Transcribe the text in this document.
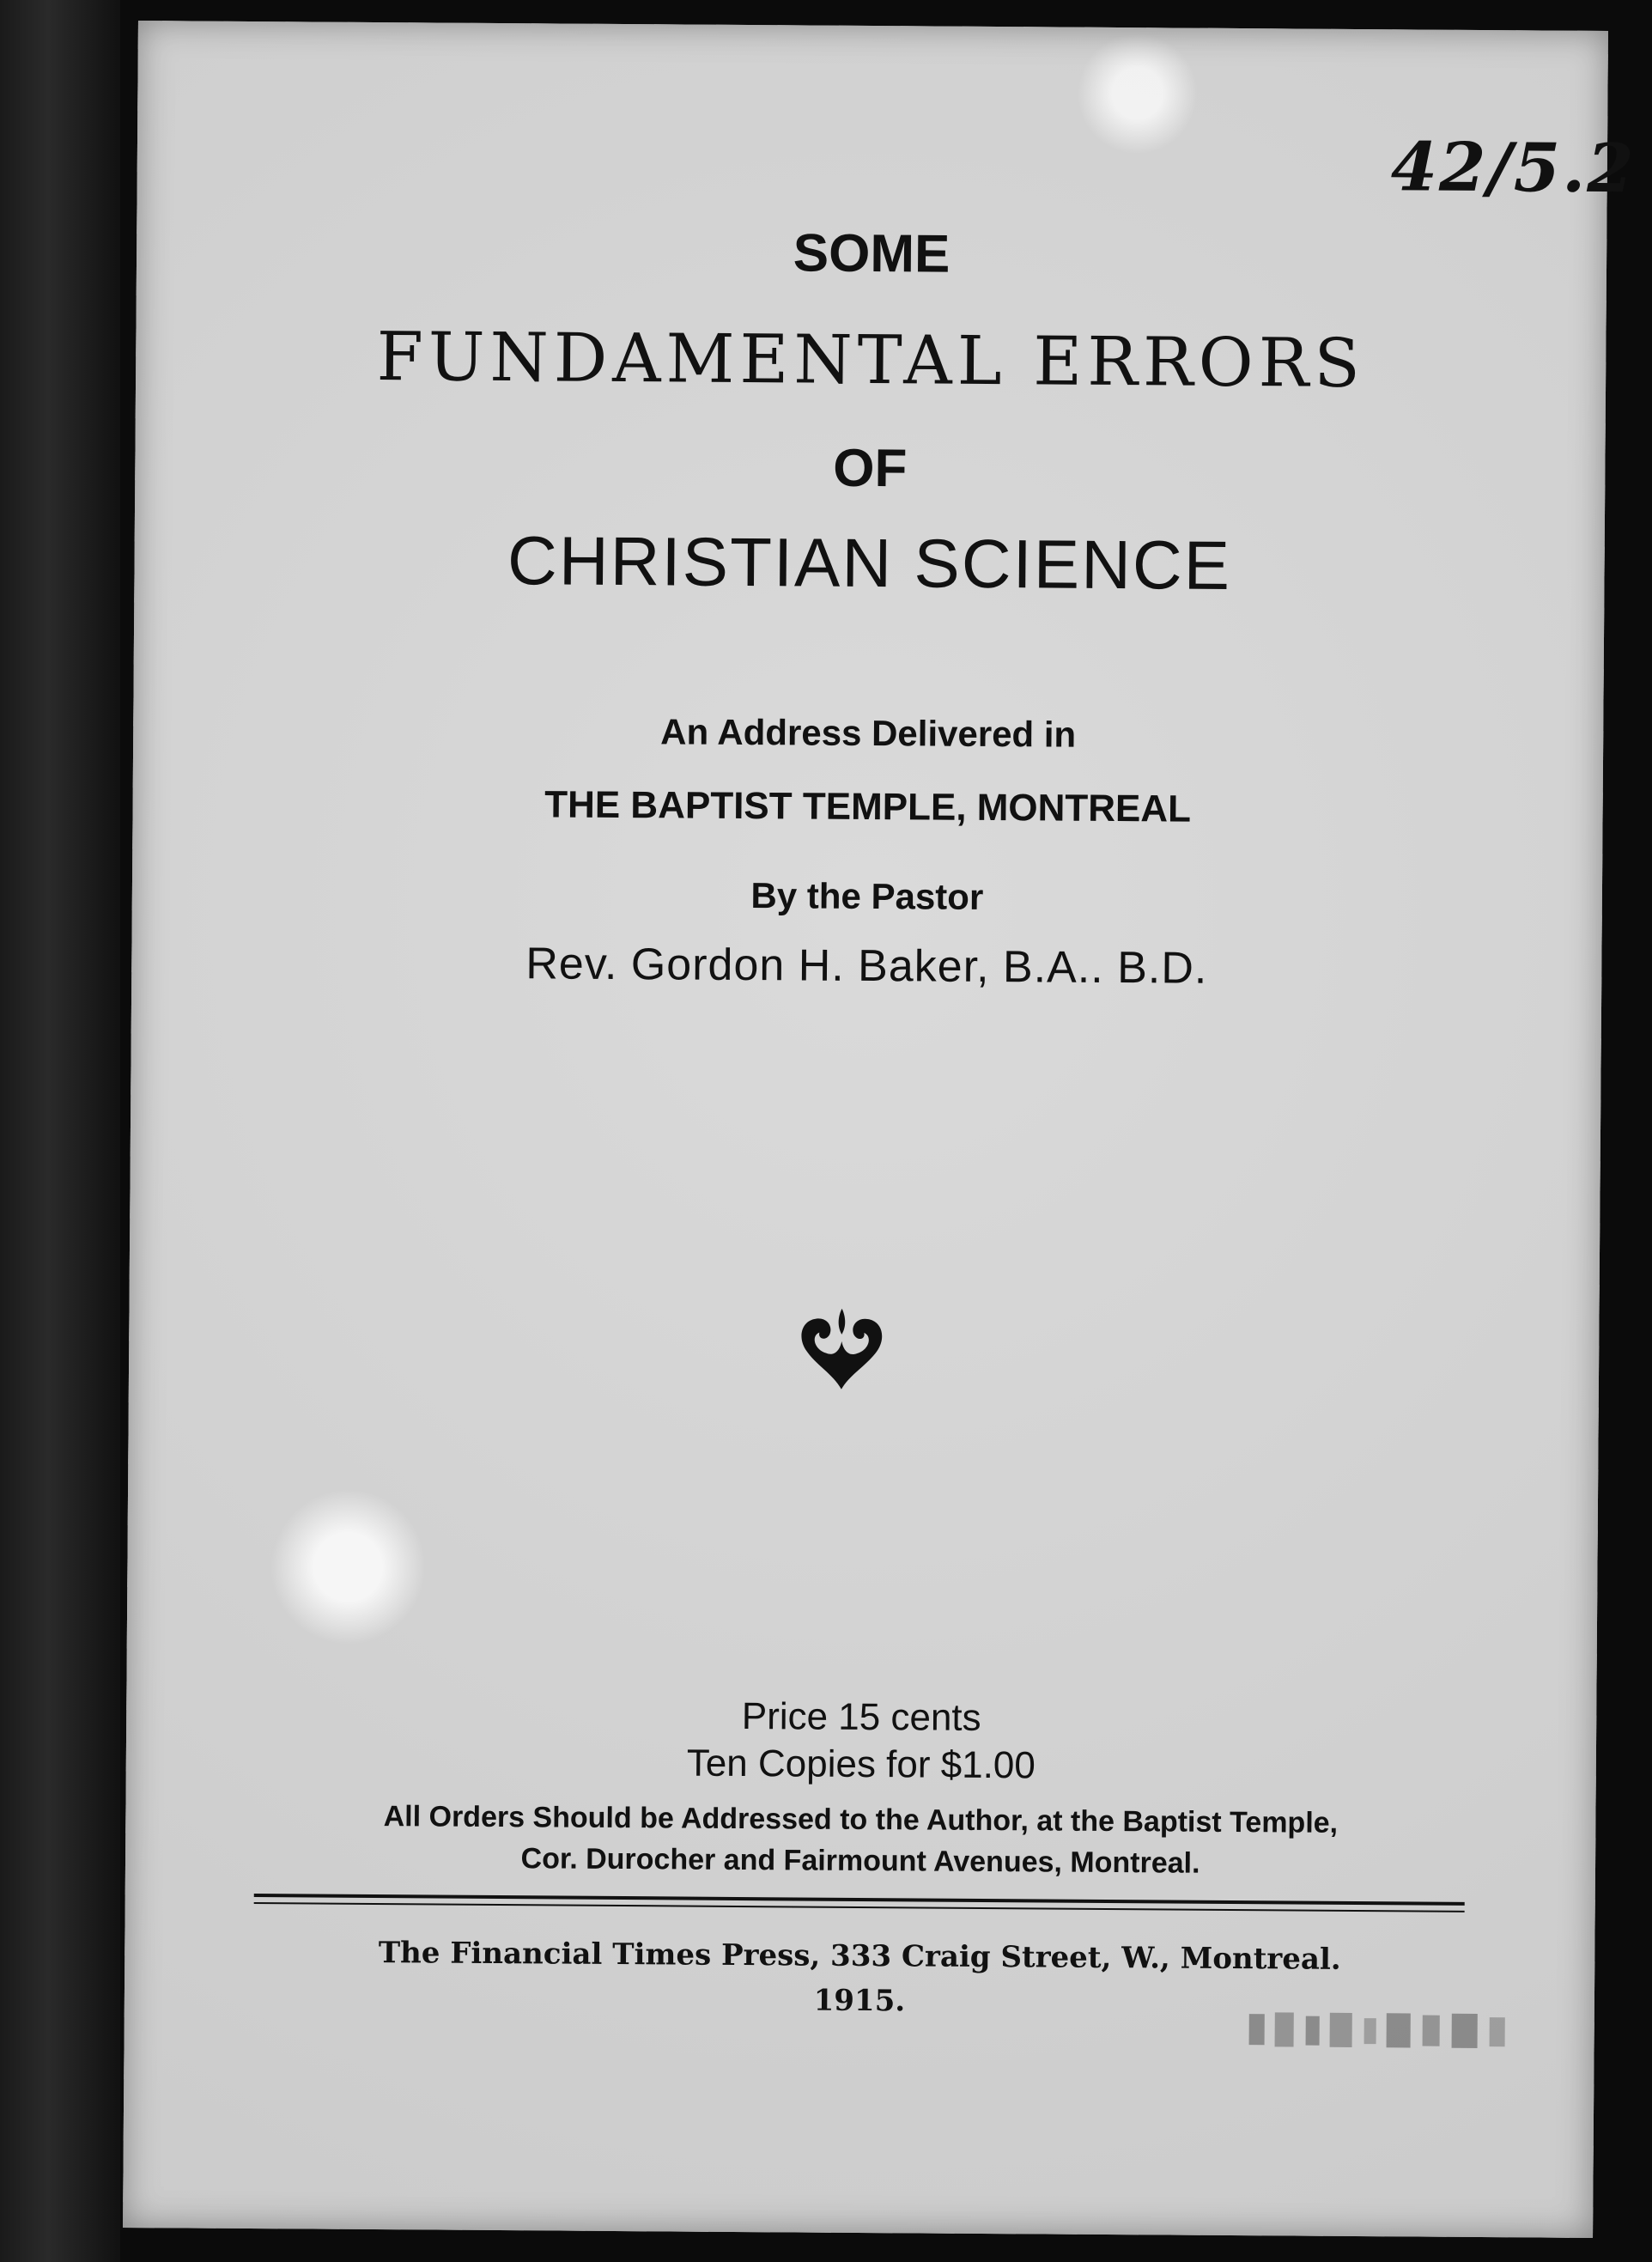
42/5.2
SOME
FUNDAMENTAL ERRORS
OF
CHRISTIAN SCIENCE
An Address Delivered in
THE BAPTIST TEMPLE, MONTREAL
By the Pastor
Rev. Gordon H. Baker, B.A.. B.D.
Price 15 cents
Ten Copies for $1.00
All Orders Should be Addressed to the Author, at the Baptist Temple,
Cor. Durocher and Fairmount Avenues, Montreal.
The Financial Times Press, 333 Craig Street, W., Montreal.
1915.
